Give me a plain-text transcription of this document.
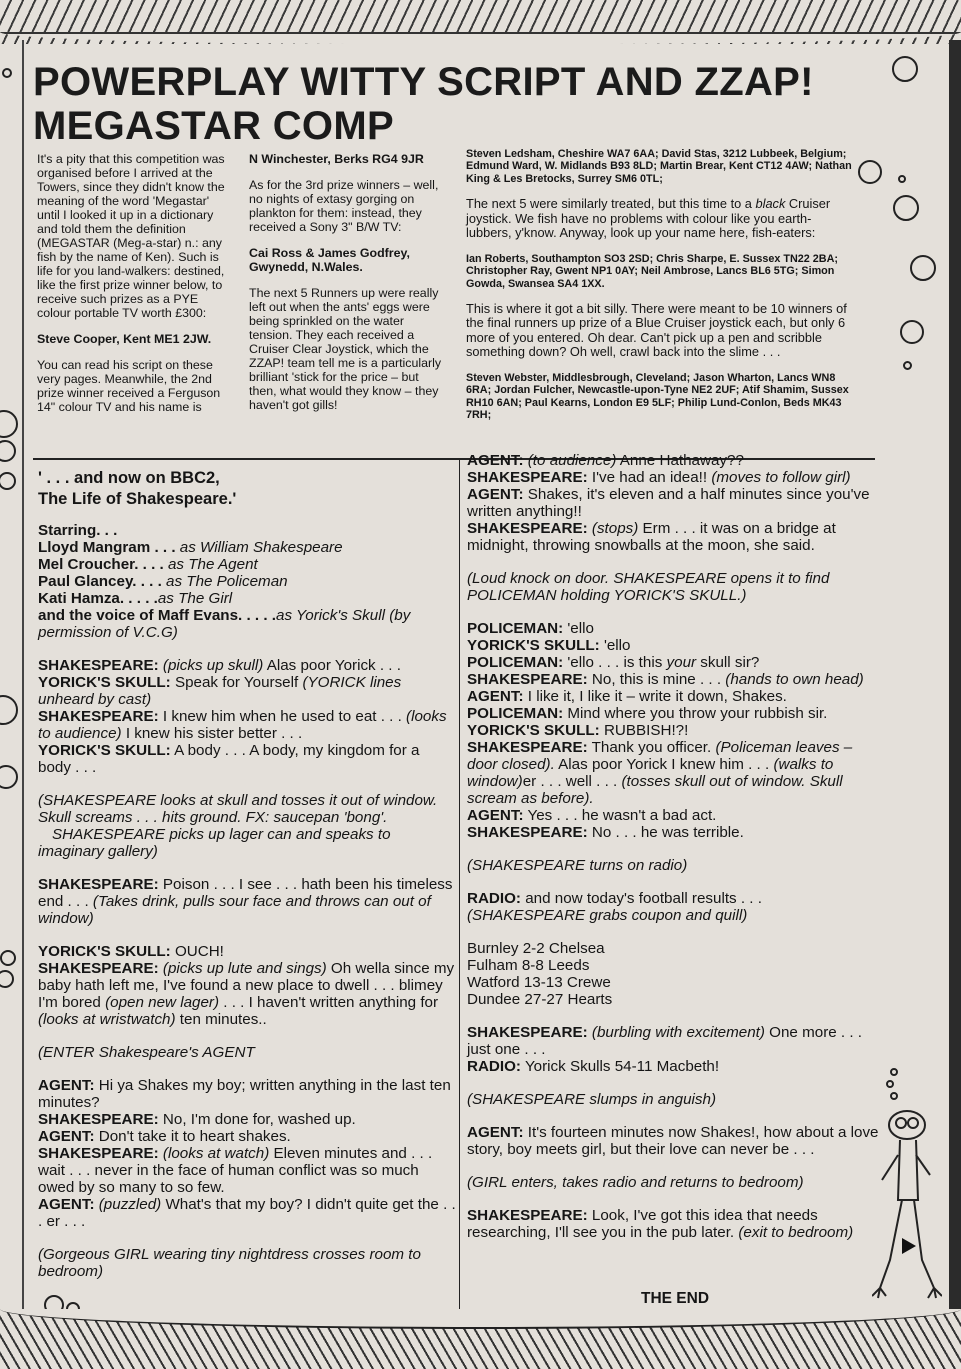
POWERPLAY WITTY SCRIPT AND ZZAP! MEGASTAR COMP

It's a pity that this competition was organised before I arrived at the Towers, since they didn't know the meaning of the word 'Megastar' until I looked it up in a dictionary and told them the definition (MEGASTAR (Meg-a-star) n.: any fish by the name of Ken). Such is life for you land-walkers: destined, like the first prize winner below, to receive such prizes as a PYE colour portable TV worth £300:

Steve Cooper, Kent ME1 2JW.

You can read his script on these very pages. Meanwhile, the 2nd prize winner received a Ferguson 14" colour TV and his name is

N Winchester, Berks RG4 9JR

As for the 3rd prize winners – well, no nights of extasy gorging on plankton for them: instead, they received a Sony 3" B/W TV:

Cai Ross & James Godfrey, Gwynedd, N.Wales.

The next 5 Runners up were really left out when the ants' eggs were being sprinkled on the water tension. They each received a Cruiser Clear Joystick, which the ZZAP! team tell me is a particularly brilliant 'stick for the price – but then, what would they know – they haven't got gills!

Steven Ledsham, Cheshire WA7 6AA; David Stas, 3212 Lubbeek, Belgium; Edmund Ward, W. Midlands B93 8LD; Martin Brear, Kent CT12 4AW; Nathan King & Les Bretocks, Surrey SM6 0TL;

The next 5 were similarly treated, but this time to a black Cruiser joystick. We fish have no problems with colour like you earth-lubbers, y'know. Anyway, look up your name here, fish-eaters:

Ian Roberts, Southampton SO3 2SD; Chris Sharpe, E. Sussex TN22 2BA; Christopher Ray, Gwent NP1 0AY; Neil Ambrose, Lancs BL6 5TG; Simon Gowda, Swansea SA4 1XX.

This is where it got a bit silly. There were meant to be 10 winners of the final runners up prize of a Blue Cruiser joystick each, but only 6 more of you entered. Oh dear. Can't pick up a pen and scribble something down? Oh well, crawl back into the slime . . .

Steven Webster, Middlesbrough, Cleveland; Jason Wharton, Lancs WN8 6RA; Jordan Fulcher, Newcastle-upon-Tyne NE2 2UF; Atif Shamim, Sussex RH10 6AN; Paul Kearns, London E9 5LF; Philip Lund-Conlon, Beds MK43 7RH;

' . . . and now on BBC2,
The Life of Shakespeare.'

Starring. . .
Lloyd Mangram . . . as William Shakespeare
Mel Croucher. . . . as The Agent
Paul Glancey. . . . as The Policeman
Kati Hamza. . . . .as The Girl
and the voice of Maff Evans. . . . .as Yorick's Skull (by permission of V.C.G)

SHAKESPEARE: (picks up skull) Alas poor Yorick . . .
YORICK'S SKULL: Speak for Yourself (YORICK lines unheard by cast)
SHAKESPEARE: I knew him when he used to eat . . . (looks to audience) I knew his sister better . . .
YORICK'S SKULL: A body . . . A body, my kingdom for a body . . .

(SHAKESPEARE looks at skull and tosses it out of window. Skull screams . . . hits ground. FX: saucepan 'bong'.
SHAKESPEARE picks up lager can and speaks to imaginary gallery)

SHAKESPEARE: Poison . . . I see . . . hath been his timeless end . . . (Takes drink, pulls sour face and throws can out of window)

YORICK'S SKULL: OUCH!
SHAKESPEARE: (picks up lute and sings) Oh wella since my baby hath left me, I've found a new place to dwell . . . blimey I'm bored (open new lager) . . . I haven't written anything for (looks at wristwatch) ten minutes..

(ENTER Shakespeare's AGENT

AGENT: Hi ya Shakes my boy; written anything in the last ten minutes?
SHAKESPEARE: No, I'm done for, washed up.
AGENT: Don't take it to heart shakes.
SHAKESPEARE: (looks at watch) Eleven minutes and . . . wait . . . never in the face of human conflict was so much owed by so many to so few.
AGENT: (puzzled) What's that my boy? I didn't quite get the . . . er . . .

(Gorgeous GIRL wearing tiny nightdress crosses room to bedroom)

AGENT: (to audience) Anne Hathaway??
SHAKESPEARE: I've had an idea!! (moves to follow girl)
AGENT: Shakes, it's eleven and a half minutes since you've written anything!!
SHAKESPEARE: (stops) Erm . . . it was on a bridge at midnight, throwing snowballs at the moon, she said.

(Loud knock on door. SHAKESPEARE opens it to find POLICEMAN holding YORICK'S SKULL.)

POLICEMAN: 'ello
YORICK'S SKULL: 'ello
POLICEMAN: 'ello . . . is this your skull sir?
SHAKESPEARE: No, this is mine . . . (hands to own head)
AGENT: I like it, I like it – write it down, Shakes.
POLICEMAN: Mind where you throw your rubbish sir.
YORICK'S SKULL: RUBBISH!?!
SHAKESPEARE: Thank you officer. (Policeman leaves – door closed). Alas poor Yorick I knew him . . . (walks to window)er . . . well . . . (tosses skull out of window. Skull scream as before).
AGENT: Yes . . . he wasn't a bad act.
SHAKESPEARE: No . . . he was terrible.

(SHAKESPEARE turns on radio)

RADIO: and now today's football results . . .
(SHAKESPEARE grabs coupon and quill)

Burnley 2-2 Chelsea
Fulham 8-8 Leeds
Watford 13-13 Crewe
Dundee 27-27 Hearts

SHAKESPEARE: (burbling with excitement) One more . . . just one . . .
RADIO: Yorick Skulls 54-11 Macbeth!

(SHAKESPEARE slumps in anguish)

AGENT: It's fourteen minutes now Shakes!, how about a love story, boy meets girl, but their love can never be . . .

(GIRL enters, takes radio and returns to bedroom)

SHAKESPEARE: Look, I've got this idea that needs researching, I'll see you in the pub later. (exit to bedroom)

THE END
